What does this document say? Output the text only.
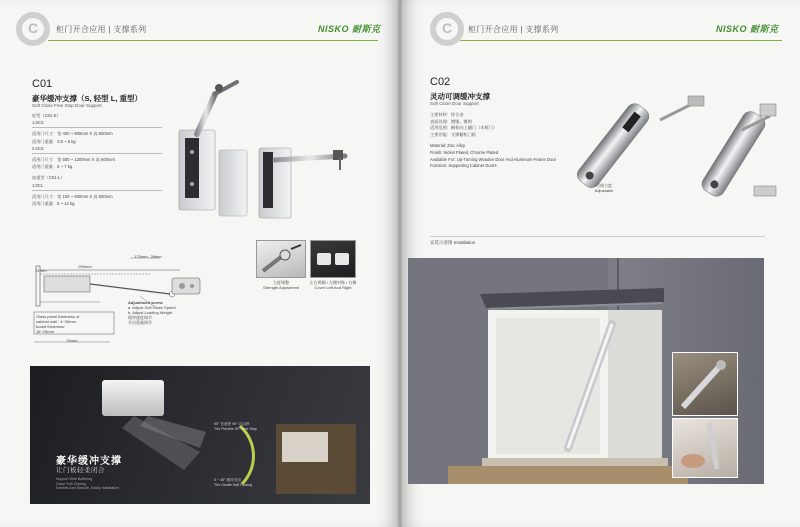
C 柜门开合应用 | 支撑系列	NISKO 耐斯克
C01
豪华缓冲支撑（S, 轻型 L, 重型）
Soft Close Free Stop Door Support
轻型（C01-S）
1.0CS
适用门尺寸：宽 400 ~ 900mm X 高 600mm
适用门重量：3.5 ~ 6 kg
2.0CS
适用门尺寸：宽 500 ~ 1200mm X 高 600mm
适用门重量：5 ~ 7 kg
加重型（C01-L）
1.0CL
适用门尺寸：宽 150 ~ 900mm X 高 600mm
适用门重量：5 ~ 12 kg
力度调整
Strength Adjustment
左右两侧 / 左侧对称 / 右侧
Cover Left And Right
170mm 28mm
290mm
21mm
92mm
Glass panel thickness of
cabinet wall : 4~30mm
board thickness: 16~25mm
Adjustment screw
a. Adjust Soft Close Speed
b. Adjust Loading Weight
缓冲速度调节
开启重量调节
90° 任意停 90° 自由停
The Flexible 90° Free Stop
0 ~ 45° 缓冲关闭
The Gentle Soft Closing
豪华缓冲支撑
让门板轻柔闭合
Support With Buffering
Close Soft Closing
Exhibits And Smooth, Easily Installation
C 柜门开合应用 | 支撑系列	NISKO 耐斯克
C02
灵动可调缓冲支撑
Soft Close Door Support
主要材料：锌合金
表面处理：镀镍，镀铬
适用范围：橱柜向上翻门（木框门）
主要功能：支撑橱柜门板
Material: Zinc Alloy
Finish: Nickel Plated, Chrome Plated
Available For: Up-Turning Wooden Door And Aluminum-Frame Door
Function: Supporting Cabinet Doors
可调力度
Adjustable
安装示意图 Installation
